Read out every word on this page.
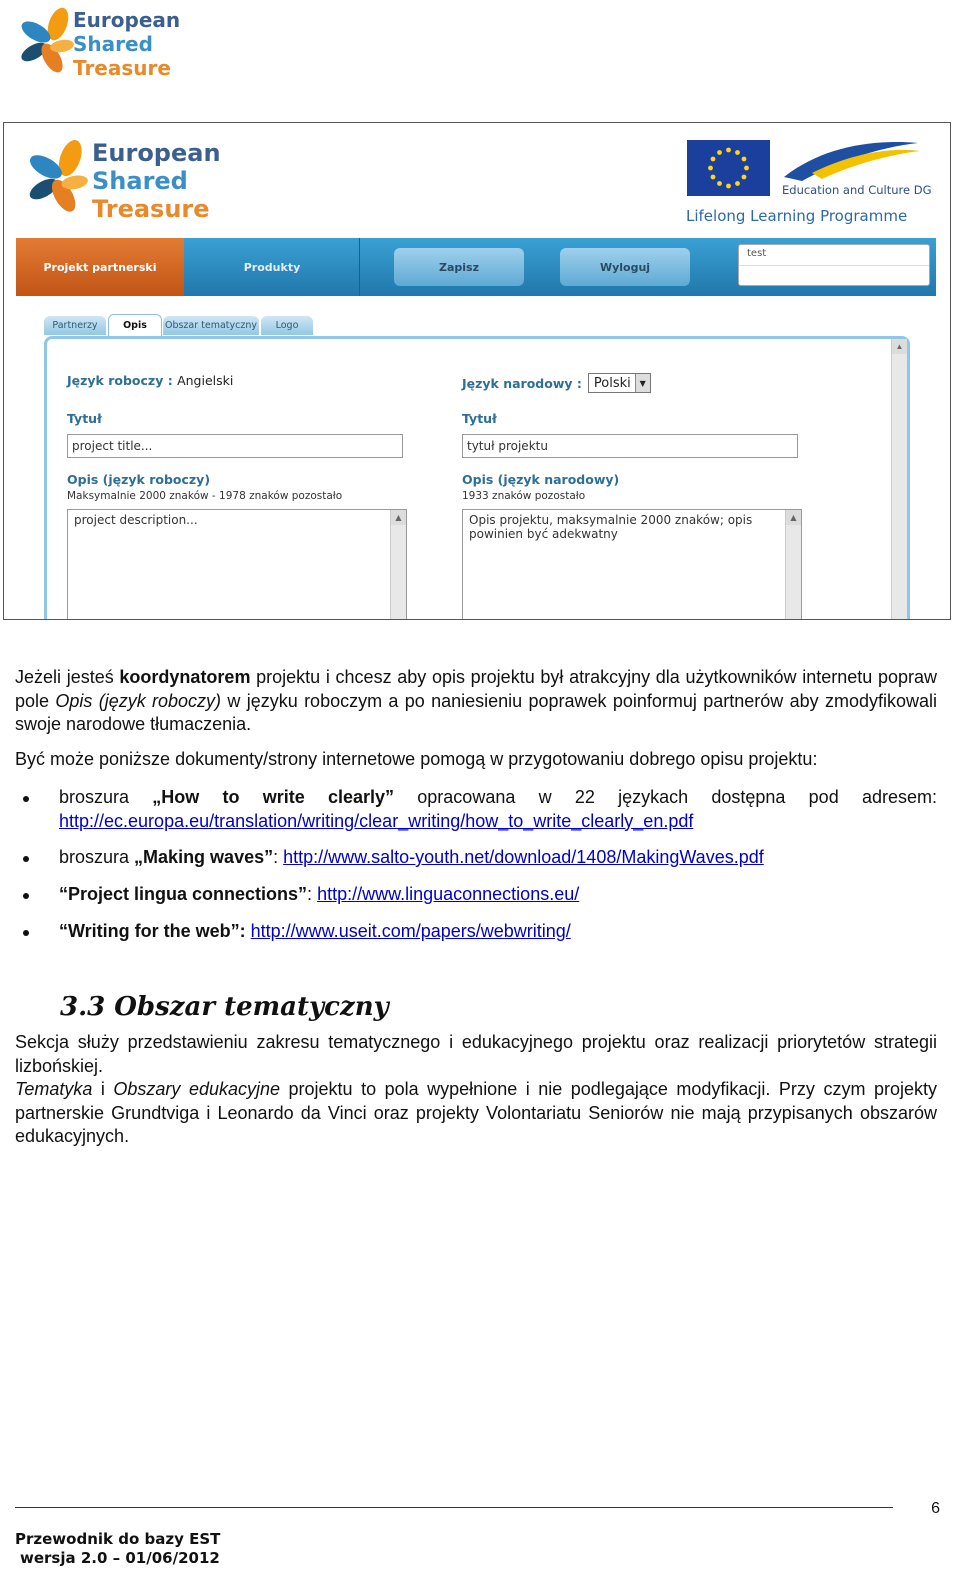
European
Shared
Treasure
European
Shared
Treasure
Education and Culture DG
Lifelong Learning Programme
Projekt partnerski	Produkty	Zapisz	Wyloguj
test
Partnerzy	Opis	Obszar tematyczny	Logo
▲
Język roboczy : Angielski
Tytuł
project title...
Opis (język roboczy)
Maksymalnie 2000 znaków - 1978 znaków pozostało
project description...	▲
Język narodowy : Polski	▼
Tytuł
tytuł projektu
Opis (język narodowy)
1933 znaków pozostało
Opis projektu, maksymalnie 2000 znaków; opis powinien być adekwatny
▲
Jeżeli jesteś koordynatorem projektu i chcesz aby opis projektu był atrakcyjny dla użytkowników internetu popraw pole Opis (język roboczy) w języku roboczym a po naniesieniu poprawek poinformuj partnerów aby zmodyfikowali swoje narodowe tłumaczenia.
Być może poniższe dokumenty/strony internetowe pomogą w przygotowaniu dobrego opisu projektu:
broszura „How to write clearly” opracowana w 22 językach dostępna pod adresem:
http://ec.europa.eu/translation/writing/clear_writing/how_to_write_clearly_en.pdf
broszura „Making waves”: http://www.salto-youth.net/download/1408/MakingWaves.pdf
“Project lingua connections”: http://www.linguaconnections.eu/
“Writing for the web”: http://www.useit.com/papers/webwriting/
3.3 Obszar tematyczny
Sekcja służy przedstawieniu zakresu tematycznego i edukacyjnego projektu oraz realizacji priorytetów strategii lizbońskiej.
Tematyka i Obszary edukacyjne projektu to pola wypełnione i nie podlegające modyfikacji. Przy czym projekty partnerskie Grundtviga i Leonardo da Vinci oraz projekty Volontariatu Seniorów nie mają przypisanych obszarów edukacyjnych.
6
Przewodnik do bazy EST
wersja 2.0 – 01/06/2012
